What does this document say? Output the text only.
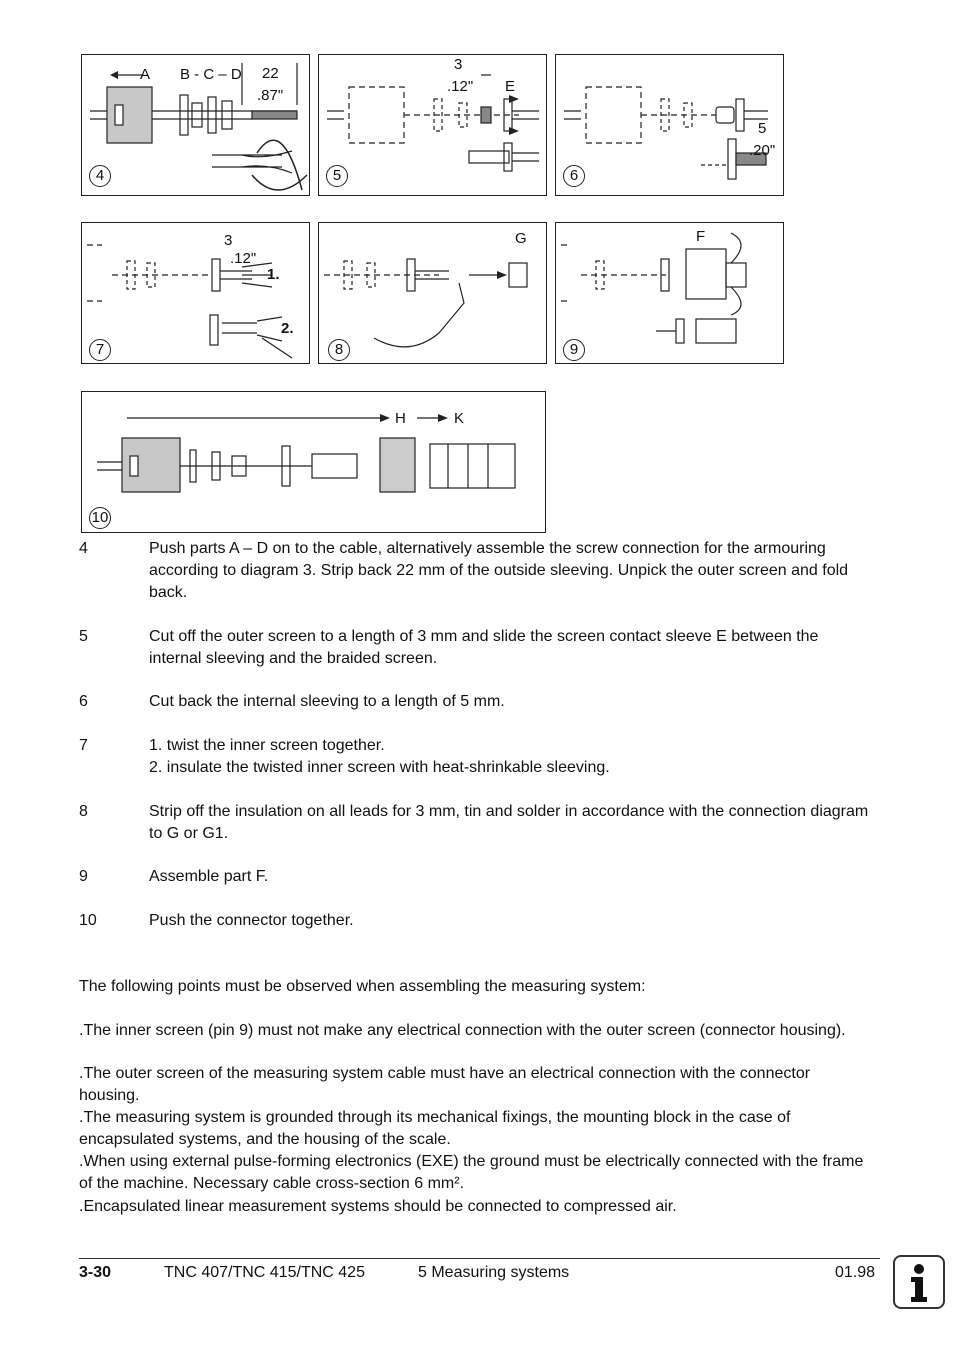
A B - C – D 22
.87"
4
3
.12" E
5
5
.20"
6
3
.12"
1.
2.
7
G
8
F
9
H	K
10
4	Push parts A – D on to the cable, alternatively assemble the screw connection for the armouring according to diagram 3. Strip back 22 mm of the outside sleeving. Unpick the outer screen and fold back.
5	Cut off the outer screen to a length of 3 mm and slide the screen contact sleeve E between the internal sleeving and the braided screen.
6	Cut back the internal sleeving to a length of 5 mm.
7	1. twist the inner screen together.
2. insulate the twisted inner screen with heat-shrinkable sleeving.
8	Strip off the insulation on all leads for 3 mm, tin and solder in accordance with the connection diagram to G or G1.
9	Assemble part F.
10	Push the connector together.
The following points must be observed when assembling the measuring system:
.The inner screen (pin 9) must not make any electrical connection with the outer screen (connector housing).
.The outer screen of the measuring system cable must have an electrical connection with the connector housing.
.The measuring system is grounded through its mechanical fixings, the mounting block in the case of encapsulated systems, and the housing of the scale.
.When using external pulse-forming electronics (EXE) the ground must be electrically connected with the frame of the machine. Necessary cable cross-section 6 mm².
.Encapsulated linear measurement systems should be connected to compressed air.
3-30	TNC 407/TNC 415/TNC 425	5 Measuring systems	01.98
